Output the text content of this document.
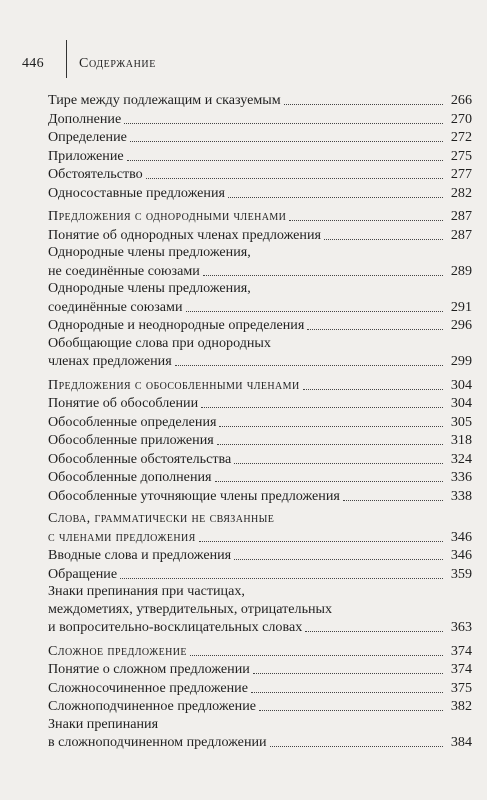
446	Содержание
Тире между подлежащим и сказуемым	266
Дополнение	270
Определение	272
Приложение	275
Обстоятельство	277
Односоставные предложения	282
Предложения с однородными членами	287
Понятие об однородных членах предложения	287
Однородные члены предложения,
не соединённые союзами	289
Однородные члены предложения,
соединённые союзами	291
Однородные и неоднородные определения	296
Обобщающие слова при однородных
членах предложения	299
Предложения с обособленными членами	304
Понятие об обособлении	304
Обособленные определения	305
Обособленные приложения	318
Обособленные обстоятельства	324
Обособленные дополнения	336
Обособленные уточняющие члены предложения	338
Слова, грамматически не связанные
с членами предложения	346
Вводные слова и предложения	346
Обращение	359
Знаки препинания при частицах,
междометиях, утвердительных, отрицательных
и вопросительно-восклицательных словах	363
Сложное предложение	374
Понятие о сложном предложении	374
Сложносочиненное предложение	375
Сложноподчиненное предложение	382
Знаки препинания
в сложноподчиненном предложении	384
